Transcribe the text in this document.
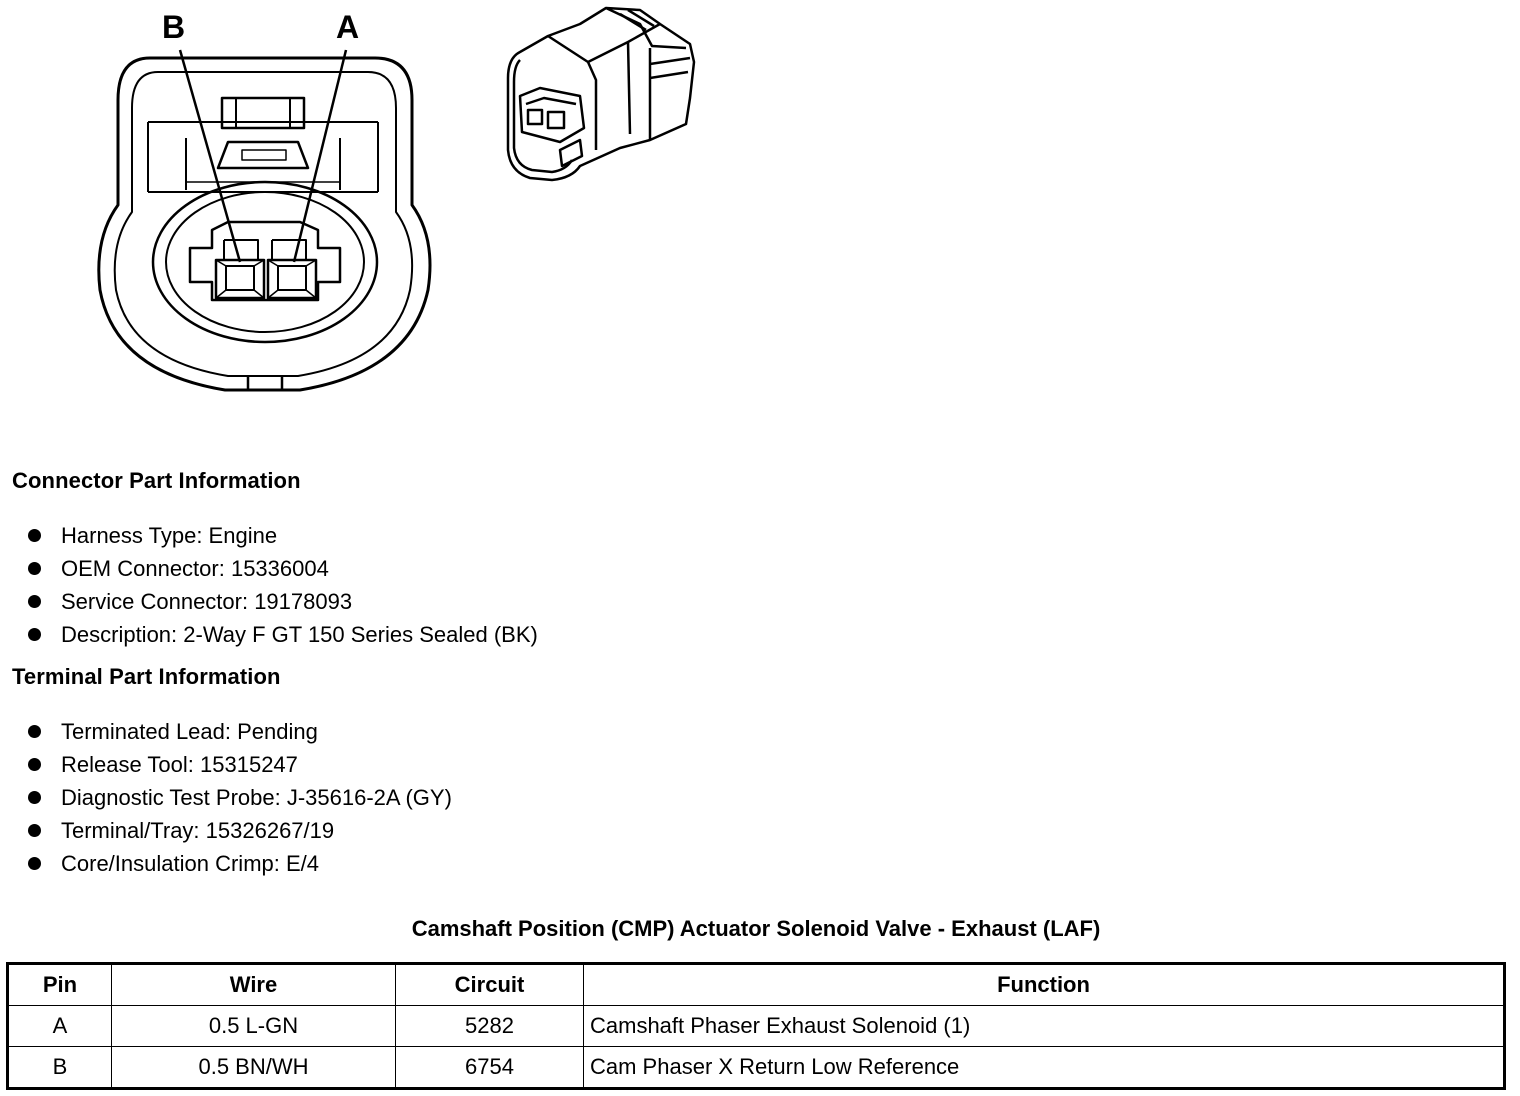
B	A
Connector Part Information
Harness Type: Engine
OEM Connector: 15336004
Service Connector: 19178093
Description: 2-Way F GT 150 Series Sealed (BK)
Terminal Part Information
Terminated Lead: Pending
Release Tool: 15315247
Diagnostic Test Probe: J-35616-2A (GY)
Terminal/Tray: 15326267/19
Core/Insulation Crimp: E/4
Camshaft Position (CMP) Actuator Solenoid Valve - Exhaust (LAF)
Pin	Wire	Circuit	Function
A	0.5 L-GN	5282	Camshaft Phaser Exhaust Solenoid (1)
B	0.5 BN/WH	6754	Cam Phaser X Return Low Reference
